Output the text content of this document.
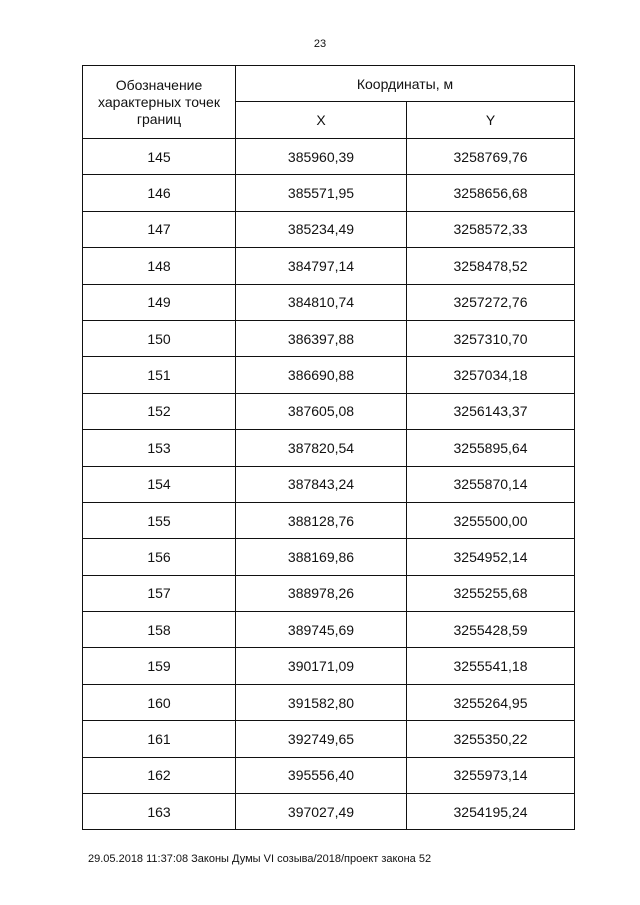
23
Обозначение характерных точек границ	Координаты, м	
	X	Y
145	385960,39	3258769,76
146	385571,95	3258656,68
147	385234,49	3258572,33
148	384797,14	3258478,52
149	384810,74	3257272,76
150	386397,88	3257310,70
151	386690,88	3257034,18
152	387605,08	3256143,37
153	387820,54	3255895,64
154	387843,24	3255870,14
155	388128,76	3255500,00
156	388169,86	3254952,14
157	388978,26	3255255,68
158	389745,69	3255428,59
159	390171,09	3255541,18
160	391582,80	3255264,95
161	392749,65	3255350,22
162	395556,40	3255973,14
163	397027,49	3254195,24
29.05.2018 11:37:08 Законы Думы VI созыва/2018/проект закона 52
